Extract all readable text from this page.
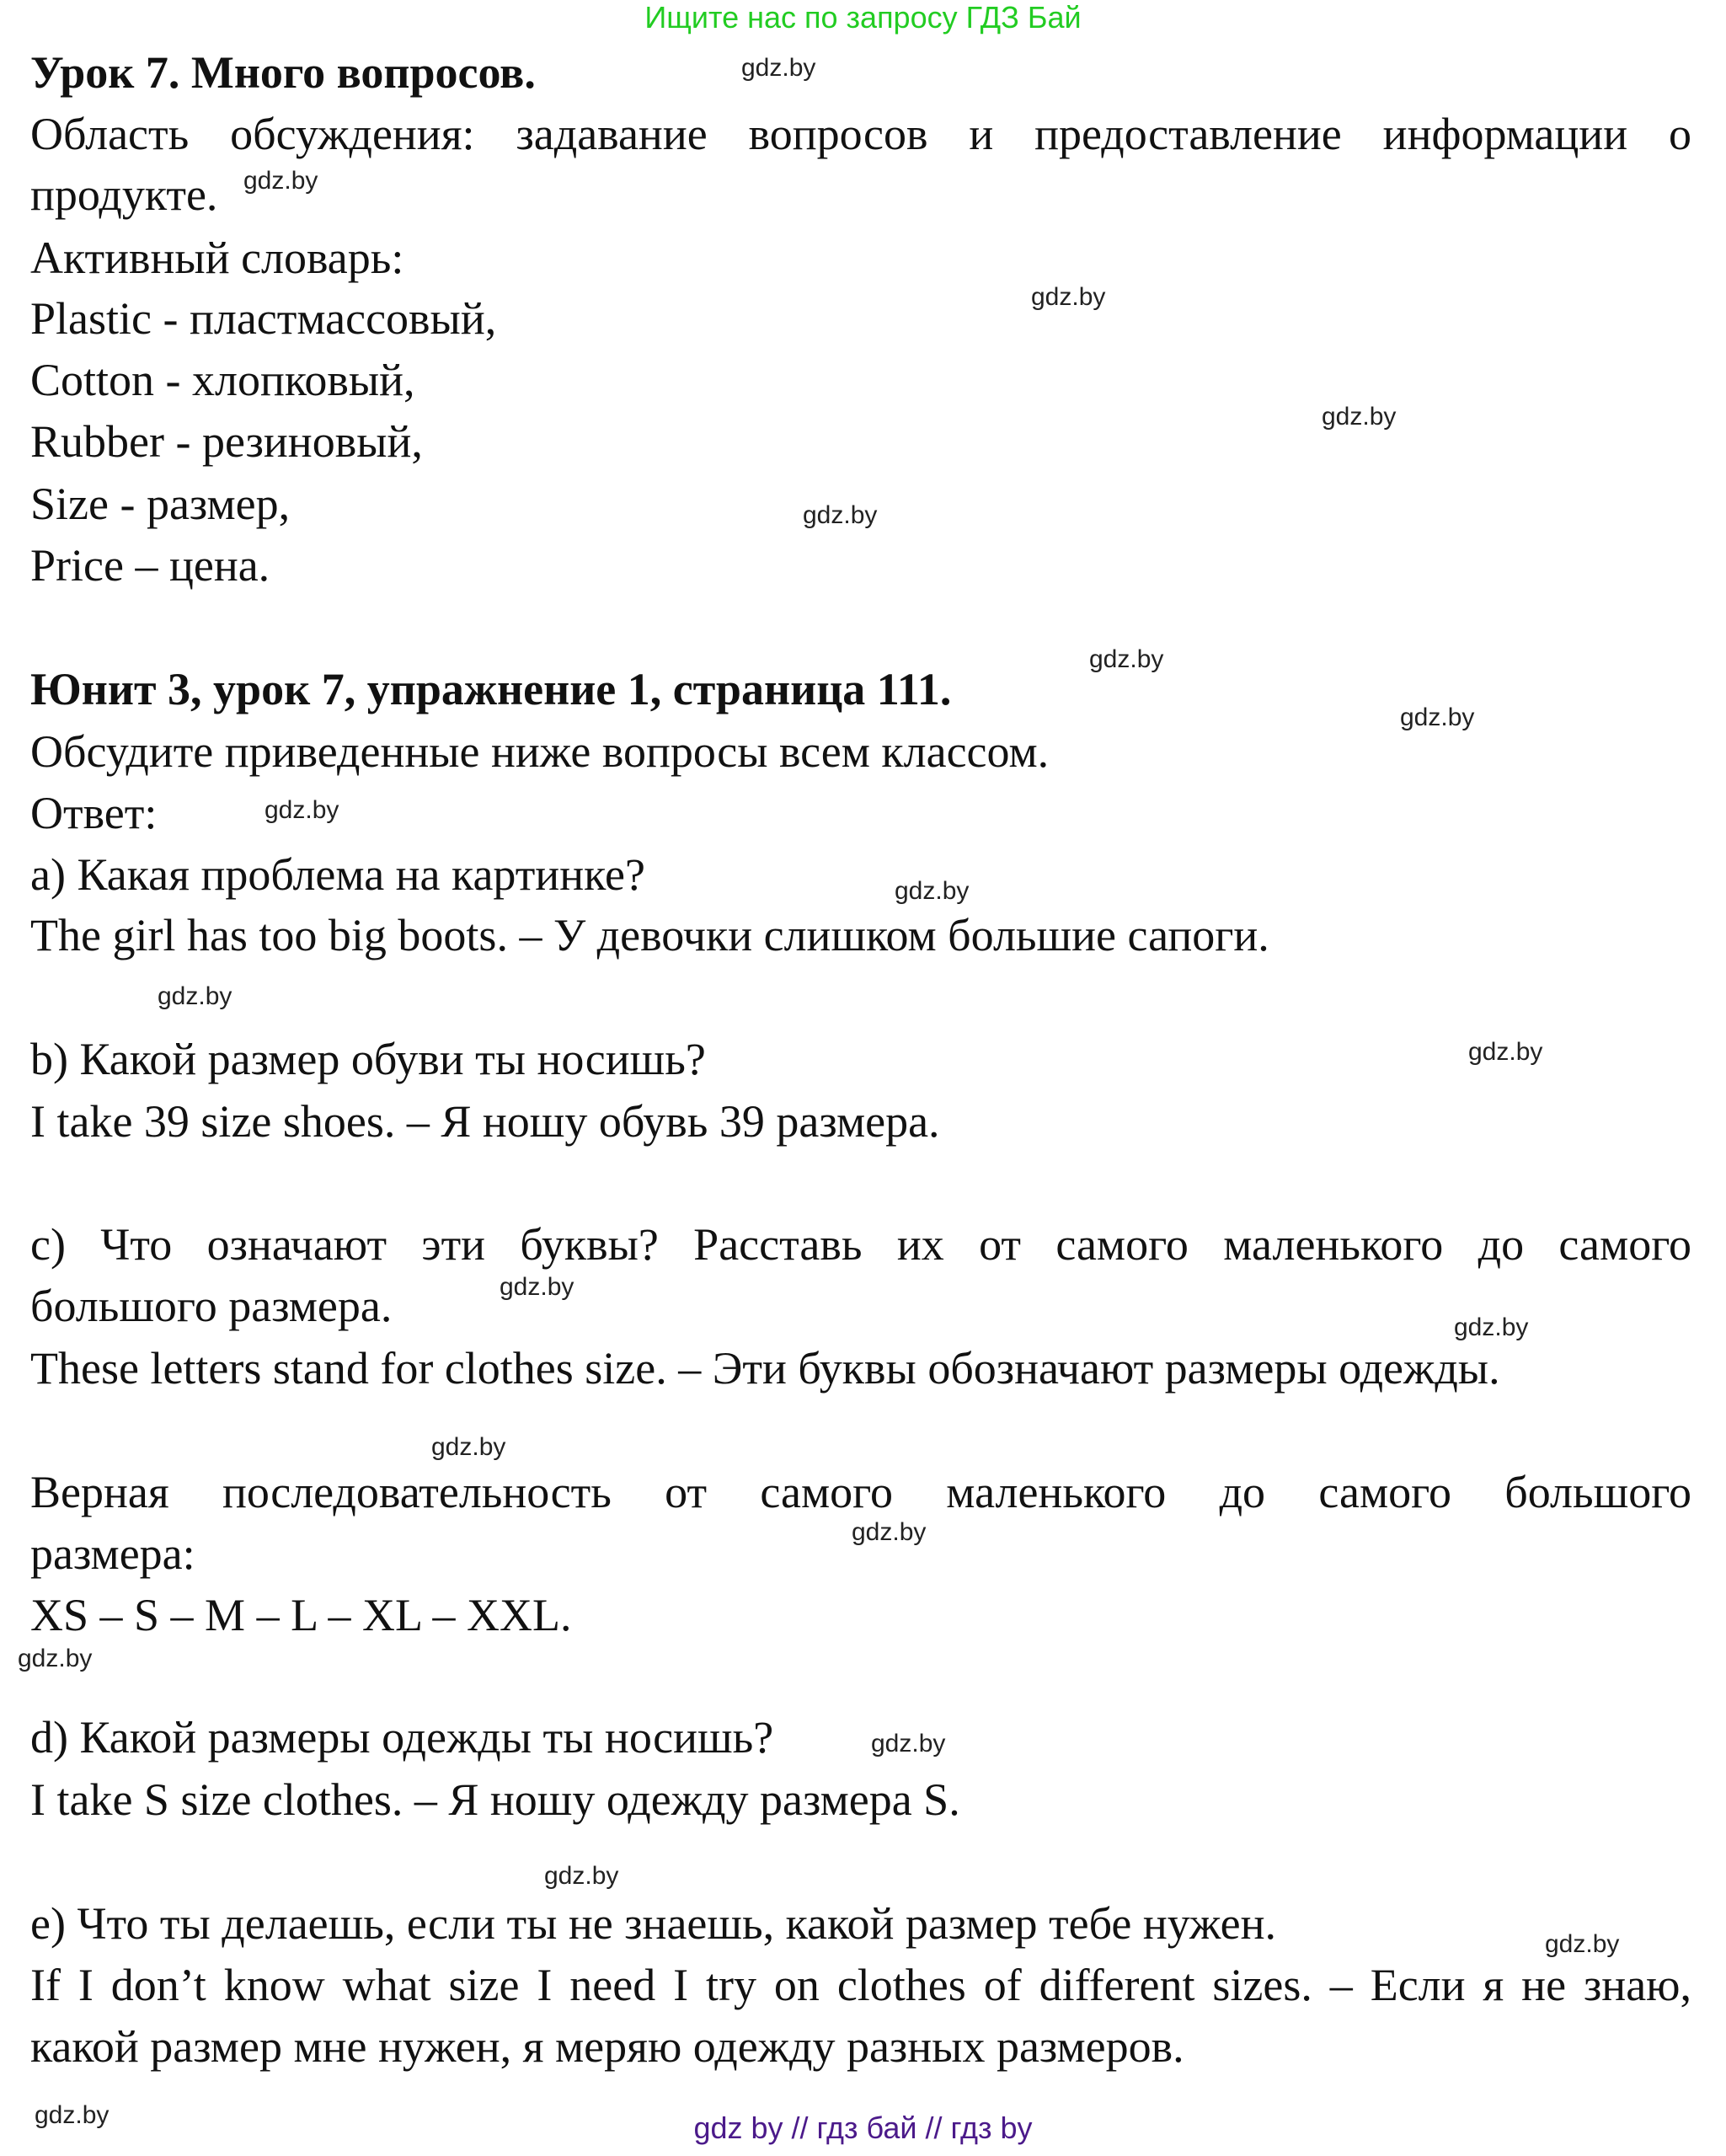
Ищите нас по запросу ГДЗ Бай
Урок 7. Много вопросов.
Область обсуждения: задавание вопросов и предоставление информации о
продукте.
Активный словарь:
Plastic - пластмассовый,
Cotton - хлопковый,
Rubber - резиновый,
Size - размер,
Price – цена.
Юнит 3, урок 7, упражнение 1, страница 111.
Обсудите приведенные ниже вопросы всем классом.
Ответ:
a) Какая проблема на картинке?
The girl has too big boots. – У девочки слишком большие сапоги.
b) Какой размер обуви ты носишь?
I take 39 size shoes. – Я ношу обувь 39 размера.
c) Что означают эти буквы? Расставь их от самого маленького до самого
большого размера.
These letters stand for clothes size. – Эти буквы обозначают размеры одежды.
Верная последовательность от самого маленького до самого большого
размера:
XS – S – M – L – XL – XXL.
d) Какой размеры одежды ты носишь?
I take S size clothes. – Я ношу одежду размера S.
e) Что ты делаешь, если ты не знаешь, какой размер тебе нужен.
If I don’t know what size I need I try on clothes of different sizes. – Если я не знаю,
какой размер мне нужен, я меряю одежду разных размеров.
gdz.by
gdz.by
gdz.by
gdz.by
gdz.by
gdz.by
gdz.by
gdz.by
gdz.by
gdz.by
gdz.by
gdz.by
gdz.by
gdz.by
gdz.by
gdz.by
gdz.by
gdz.by
gdz.by
gdz.by	gdz by // гдз бай // гдз by
